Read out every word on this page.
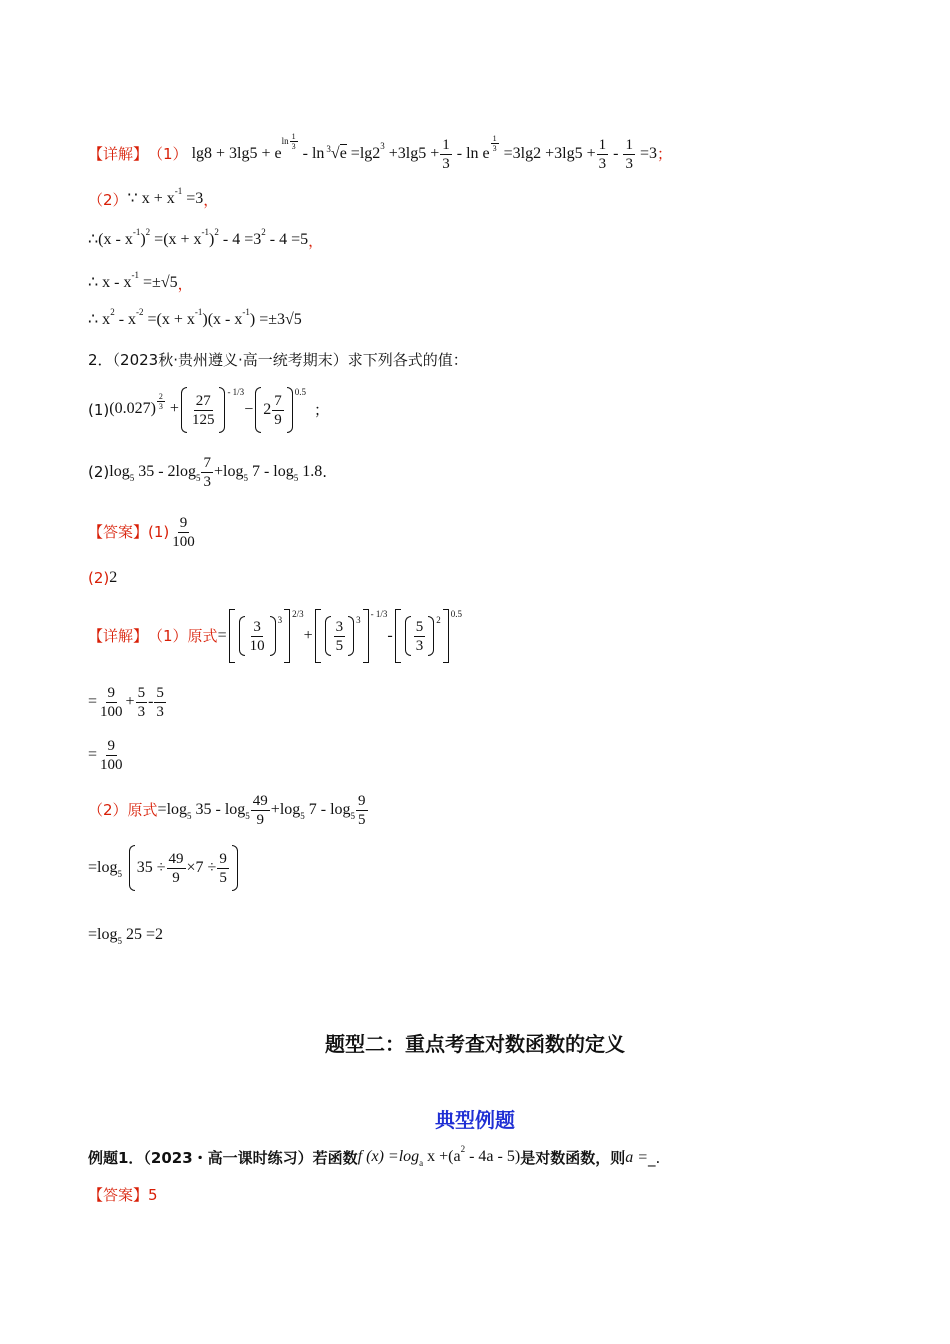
【详解】 （1） $\lg 8 + 3\lg 5 + e^{ln \frac{1}{3}}$
- $\ln ^3√e =\lg 2^3 +3\lg 5 + \frac{1}{3} - \ln e$
$^{\frac{1}{3}}$
$=3\lg 2 +3\lg 5 + \frac{1}{3} - \frac{1}{3} =3$ ；
（2） ∵ $x + x^{-1} =3$ ，
∴(x - $x^{-1})^2 =(x + x^{-1})^2 - 4 =3^2 - 4 =5$ ，
∴ $x - x^{-1} =\pm√5$ ，
∴ $x^2 - x^{-2} =(x + x^{-1})(x - x^{-1}) =\pm 3√5$
2．（2023秋·贵州遵义·高一统考期末）求下列各式的值：
(1) (0.027) $^{\frac{2}{3}} + \frac{27}{125} - 1/3$
− $2 \frac{7}{9} 0.5$
；
(2) $\log_5 35 - 2\log_5 \frac{7}{3} +\log_5$ $7 - \log_5 1.8$ .
【答案】 $(1) \frac{9}{100}$
(2) 2
【详解】 （1）原式 = $\frac{3}{10} 3$
2/3
+ $\frac{3}{5} 3$
- 1/3
- $\frac{5}{3} 2$
0.5
= $\frac{9}{100} + \frac{5}{3} - \frac{5}{3}$
= $\frac{9}{100}$
（2）原式 $=\log_5$ $35 - \log_5 \frac{49}{9} +\log_5$ $7 - \log_5 \frac{9}{5}$
$=\log_5$
$35 \div \frac{49}{9} \times 7 \div \frac{9}{5}$
$=\log_5$ 25 =2
题型二：重点考查对数函数的定义
典型例题
例题1．（2023・高一课时练习）若函数 f $(x) =\log_a$ $x +(a^2 - 4a - 5)$ 是对数函数，则 a = _ .
【答案】 5
